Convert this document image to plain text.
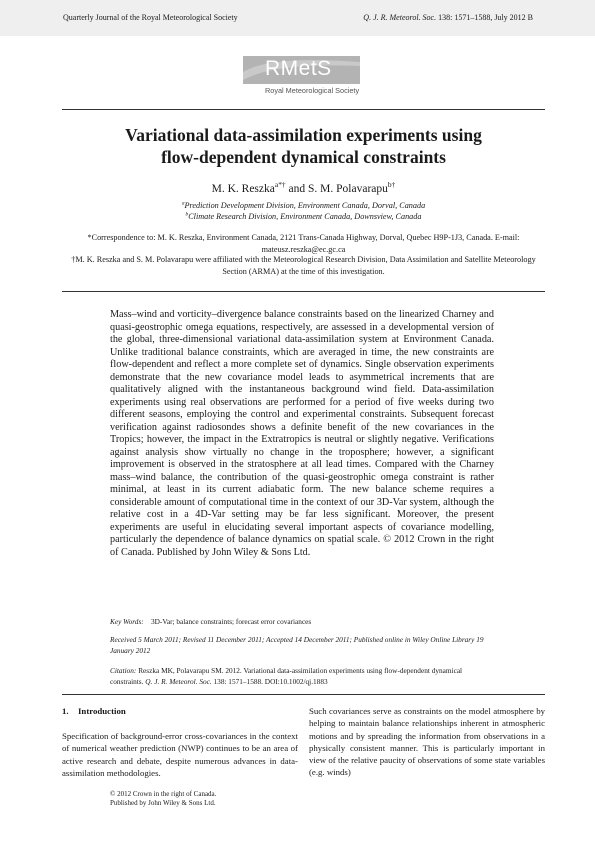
Quarterly Journal of the Royal Meteorological Society	Q. J. R. Meteorol. Soc. 138: 1571–1588, July 2012 B
RMetS
Royal Meteorological Society
Variational data-assimilation experiments using
flow-dependent dynamical constraints
M. K. Reszka$^{a*\dagger}$ and S. M. Polavarapu$^{b\dagger}$
$^a$Prediction Development Division, Environment Canada, Dorval, Canada
$^b$Climate Research Division, Environment Canada, Downsview, Canada
*Correspondence to: M. K. Reszka, Environment Canada, 2121 Trans-Canada Highway, Dorval, Quebec H9P-1J3, Canada. E-mail: mateusz.reszka@ec.gc.ca
†M. K. Reszka and S. M. Polavarapu were affiliated with the Meteorological Research Division, Data Assimilation and Satellite Meteorology Section (ARMA) at the time of this investigation.
Mass–wind and vorticity–divergence balance constraints based on the linearized Charney and quasi-geostrophic omega equations, respectively, are assessed in a developmental version of the global, three-dimensional variational data-assimilation system at Environment Canada. Unlike traditional balance constraints, which are averaged in time, the new constraints are flow-dependent and reflect a more complete set of dynamics. Single observation experiments demonstrate that the new covariance model leads to asymmetrical increments that are qualitatively aligned with the instantaneous background wind field. Data-assimilation experiments using real observations are performed for a period of five weeks during two different seasons, employing the control and experimental constraints. Subsequent forecast verification against radiosondes shows a definite benefit of the new covariances in the Tropics; however, the impact in the Extratropics is neutral or slightly negative. Verifications against analysis show virtually no change in the troposphere; however, a significant improvement is observed in the stratosphere at all lead times. Compared with the Charney mass–wind balance, the contribution of the quasi-geostrophic omega constraint is rather minimal, at least in its current adiabatic form. The new balance scheme requires a considerable amount of computational time in the context of our 3D-Var system, although the relative cost in a 4D-Var setting may be far less significant. Moreover, the present experiments are useful in elucidating several important aspects of covariance modelling, particularly the dependence of balance dynamics on spatial scale. © 2012 Crown in the right of Canada. Published by John Wiley & Sons Ltd.
Key Words: 3D-Var; balance constraints; forecast error covariances
Received 5 March 2011; Revised 11 December 2011; Accepted 14 December 2011; Published online in Wiley Online Library 19 January 2012
Citation: Reszka MK, Polavarapu SM. 2012. Variational data-assimilation experiments using flow-dependent dynamical constraints. Q. J. R. Meteorol. Soc. 138: 1571–1588. DOI:10.1002/qj.1883
1. Introduction
Specification of background-error cross-covariances in the context of numerical weather prediction (NWP) continues to be an area of active research and debate, despite numerous advances in data-assimilation methodologies.
Such covariances serve as constraints on the model atmosphere by helping to maintain balance relationships inherent in atmospheric motions and by spreading the information from observations in a physically consistent manner. This is particularly important in view of the relative paucity of observations of some state variables (e.g. winds)
© 2012 Crown in the right of Canada.
Published by John Wiley & Sons Ltd.
